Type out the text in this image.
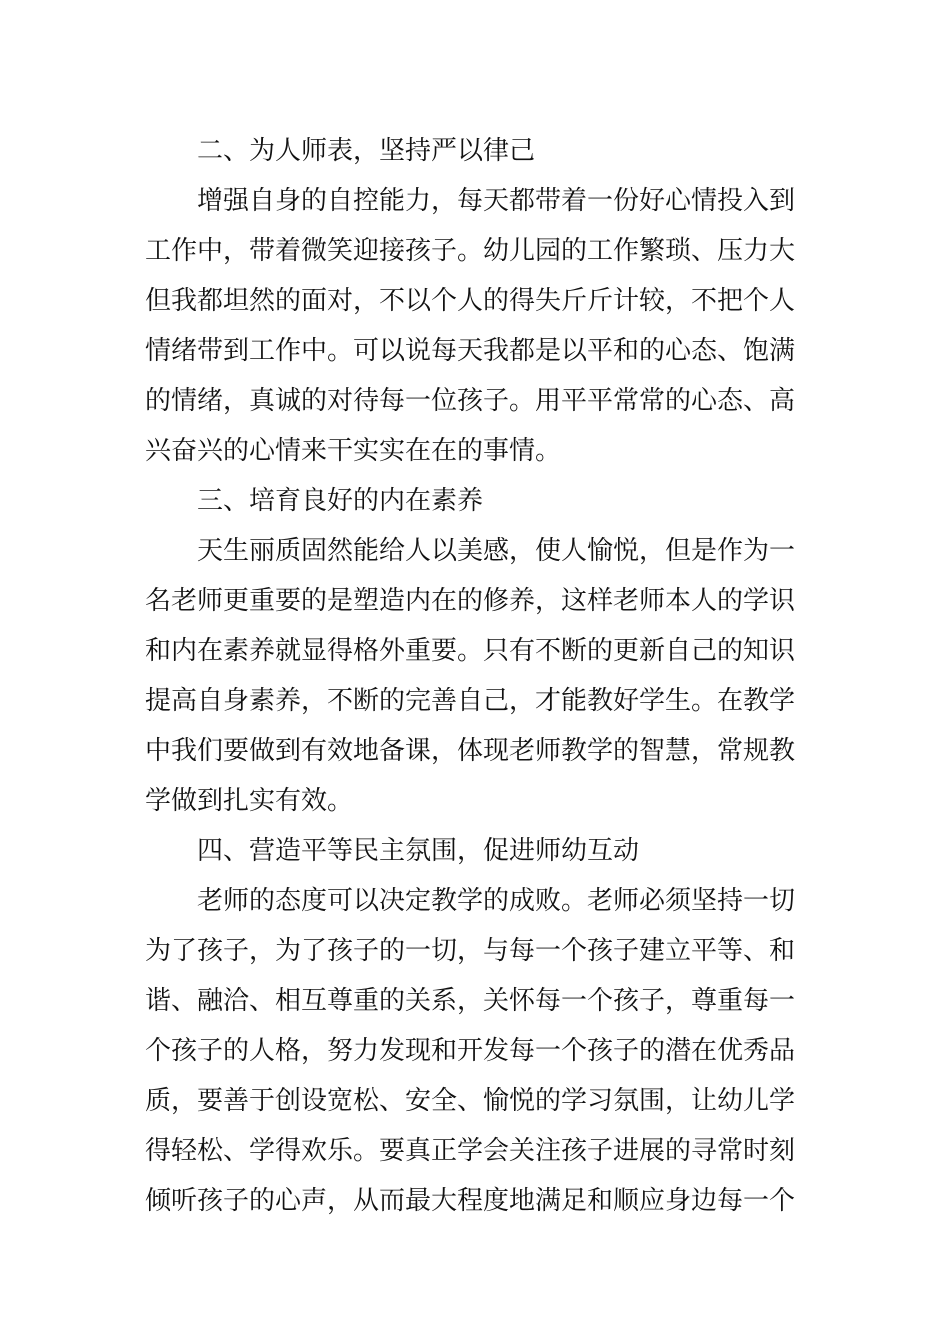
二、为人师表，坚持严以律己

增强自身的自控能力，每天都带着一份好心情投入到
工作中，带着微笑迎接孩子。幼儿园的工作繁琐、压力大
但我都坦然的面对，不以个人的得失斤斤计较，不把个人
情绪带到工作中。可以说每天我都是以平和的心态、饱满
的情绪，真诚的对待每一位孩子。用平平常常的心态、高
兴奋兴的心情来干实实在在的事情。

三、培育良好的内在素养

天生丽质固然能给人以美感，使人愉悦，但是作为一
名老师更重要的是塑造内在的修养，这样老师本人的学识
和内在素养就显得格外重要。只有不断的更新自己的知识
提高自身素养，不断的完善自己，才能教好学生。在教学
中我们要做到有效地备课，体现老师教学的智慧，常规教
学做到扎实有效。

四、营造平等民主氛围，促进师幼互动

老师的态度可以决定教学的成败。老师必须坚持一切
为了孩子，为了孩子的一切，与每一个孩子建立平等、和
谐、融洽、相互尊重的关系，关怀每一个孩子，尊重每一
个孩子的人格，努力发现和开发每一个孩子的潜在优秀品
质，要善于创设宽松、安全、愉悦的学习氛围，让幼儿学
得轻松、学得欢乐。要真正学会关注孩子进展的寻常时刻
倾听孩子的心声，从而最大程度地满足和顺应身边每一个
